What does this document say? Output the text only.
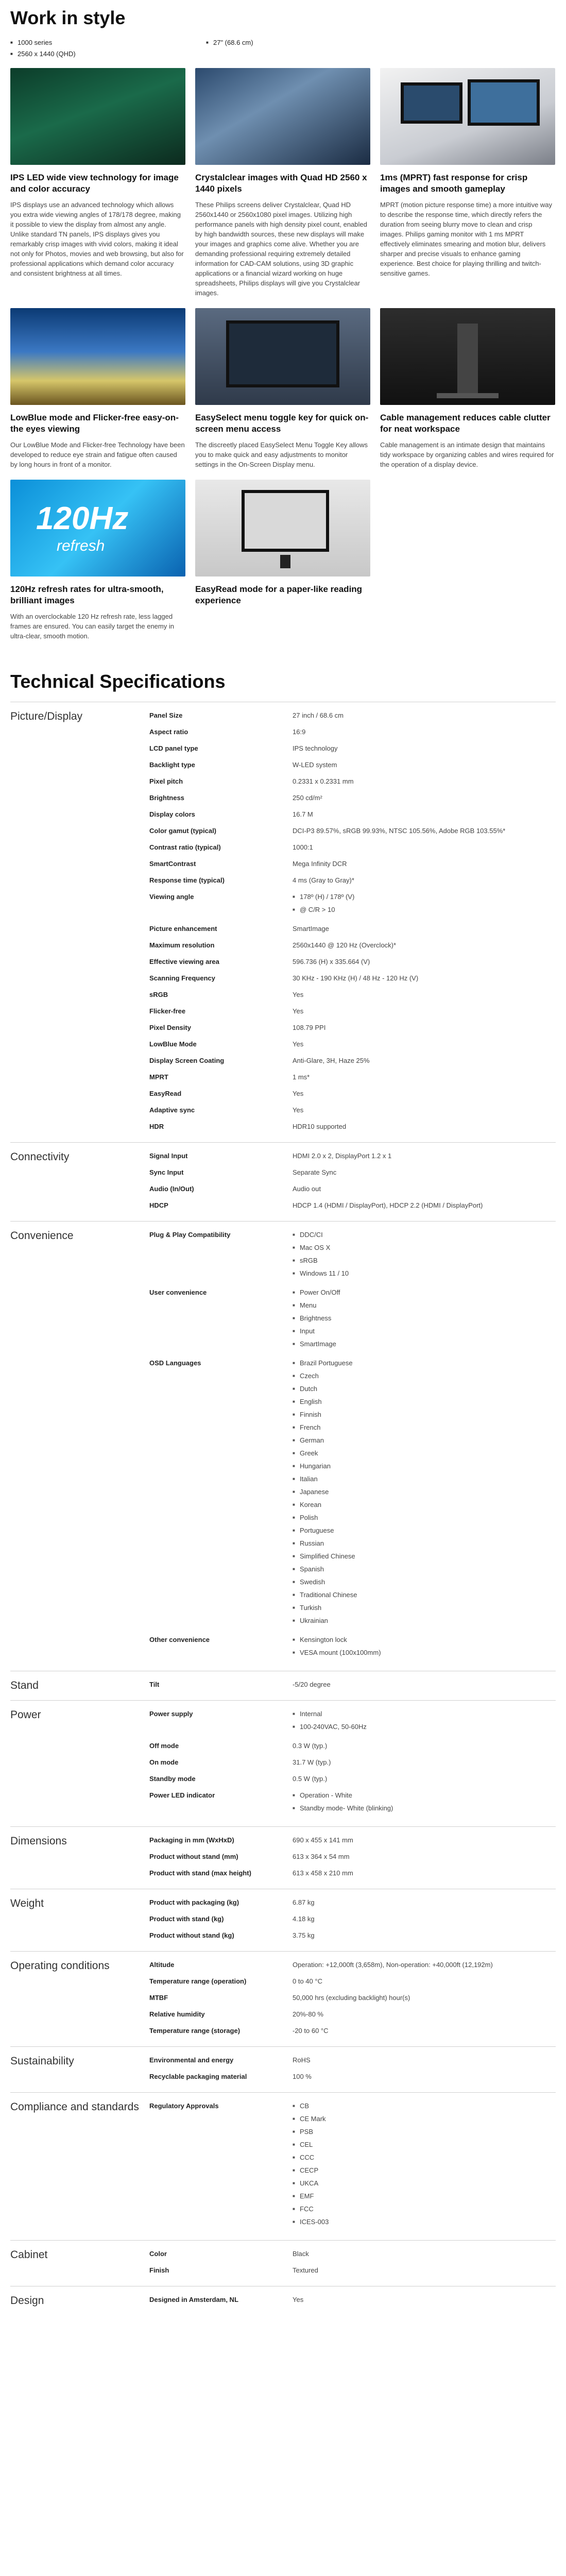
Work in style
■ 1000 series	■ 27" (68.6 cm)
■ 2560 x 1440 (QHD)
IPS LED wide view technology for image and color accuracy
IPS displays use an advanced technology which allows you extra wide viewing angles of 178/178 degree, making it possible to view the display from almost any angle. Unlike standard TN panels, IPS displays gives you remarkably crisp images with vivid colors, making it ideal not only for Photos, movies and web browsing, but also for professional applications which demand color accuracy and consistent brightness at all times.
Crystalclear images with Quad HD 2560 x 1440 pixels
These Philips screens deliver Crystalclear, Quad HD 2560x1440 or 2560x1080 pixel images. Utilizing high performance panels with high density pixel count, enabled by high bandwidth sources, these new displays will make your images and graphics come alive. Whether you are demanding professional requiring extremely detailed information for CAD-CAM solutions, using 3D graphic applications or a financial wizard working on huge spreadsheets, Philips displays will give you Crystalclear images.
1ms (MPRT) fast response for crisp images and smooth gameplay
MPRT (motion picture response time) a more intuitive way to describe the response time, which directly refers the duration from seeing blurry move to clean and crisp images. Philips gaming monitor with 1 ms MPRT effectively eliminates smearing and motion blur, delivers sharper and precise visuals to enhance gaming experience. Best choice for playing thrilling and twitch-sensitive games.
LowBlue mode and Flicker-free easy-on-the eyes viewing
Our LowBlue Mode and Flicker-free Technology have been developed to reduce eye strain and fatigue often caused by long hours in front of a monitor.
EasySelect menu toggle key for quick on-screen menu access
The discreetly placed EasySelect Menu Toggle Key allows you to make quick and easy adjustments to monitor settings in the On-Screen Display menu.
Cable management reduces cable clutter for neat workspace
Cable management is an intimate design that maintains tidy workspace by organizing cables and wires required for the operation of a display device.
120Hz
refresh
120Hz refresh rates for ultra-smooth, brilliant images
With an overclockable 120 Hz refresh rate, less lagged frames are ensured. You can easily target the enemy in ultra-clear, smooth motion.
EasyRead mode for a paper-like reading experience
Technical Specifications
Picture/Display	Panel Size	27 inch / 68.6 cm
Aspect ratio	16:9
LCD panel type	IPS technology
Backlight type	W-LED system
Pixel pitch	0.2331 x 0.2331 mm
Brightness	250 cd/m²
Display colors	16.7 M
Color gamut (typical)	DCI-P3 89.57%, sRGB 99.93%, NTSC 105.56%, Adobe RGB 103.55%*
Contrast ratio (typical)	1000:1
SmartContrast	Mega Infinity DCR
Response time (typical)	4 ms (Gray to Gray)*
Viewing angle	■ 178º (H) / 178º (V)
■ @ C/R > 10
Picture enhancement	SmartImage
Maximum resolution	2560x1440 @ 120 Hz (Overclock)*
Effective viewing area	596.736 (H) x 335.664 (V)
Scanning Frequency	30 KHz - 190 KHz (H) / 48 Hz - 120 Hz (V)
sRGB	Yes
Flicker-free	Yes
Pixel Density	108.79 PPI
LowBlue Mode	Yes
Display Screen Coating	Anti-Glare, 3H, Haze 25%
MPRT	1 ms*
EasyRead	Yes
Adaptive sync	Yes
HDR	HDR10 supported
Connectivity	Signal Input	HDMI 2.0 x 2, DisplayPort 1.2 x 1
Sync Input	Separate Sync
Audio (In/Out)	Audio out
HDCP	HDCP 1.4 (HDMI / DisplayPort), HDCP 2.2 (HDMI / DisplayPort)
Convenience	Plug & Play Compatibility	■ DDC/CI
■ Mac OS X
■ sRGB
■ Windows 11 / 10
User convenience	■ Power On/Off
■ Menu
■ Brightness
■ Input
■ SmartImage
OSD Languages	■ Brazil Portuguese
■ Czech
■ Dutch
■ English
■ Finnish
■ French
■ German
■ Greek
■ Hungarian
■ Italian
■ Japanese
■ Korean
■ Polish
■ Portuguese
■ Russian
■ Simplified Chinese
■ Spanish
■ Swedish
■ Traditional Chinese
■ Turkish
■ Ukrainian
Other convenience	■ Kensington lock
■ VESA mount (100x100mm)
Stand	Tilt	-5/20 degree
Power	Power supply	■ Internal
■ 100-240VAC, 50-60Hz
Off mode	0.3 W (typ.)
On mode	31.7 W (typ.)
Standby mode	0.5 W (typ.)
Power LED indicator	■ Operation - White
■ Standby mode- White (blinking)
Dimensions	Packaging in mm (WxHxD)	690 x 455 x 141 mm
Product without stand (mm)	613 x 364 x 54 mm
Product with stand (max height)	613 x 458 x 210 mm
Weight	Product with packaging (kg)	6.87 kg
Product with stand (kg)	4.18 kg
Product without stand (kg)	3.75 kg
Operating conditions	Altitude	Operation: +12,000ft (3,658m), Non-operation: +40,000ft (12,192m)
Temperature range (operation)	0 to 40 °C
MTBF	50,000 hrs (excluding backlight) hour(s)
Relative humidity	20%-80 %
Temperature range (storage)	-20 to 60 °C
Sustainability	Environmental and energy	RoHS
Recyclable packaging material	100 %
Compliance and standards	Regulatory Approvals	■ CB
■ CE Mark
■ PSB
■ CEL
■ CCC
■ CECP
■ UKCA
■ EMF
■ FCC
■ ICES-003
Cabinet	Color	Black
Finish	Textured
Design	Designed in Amsterdam, NL	Yes
